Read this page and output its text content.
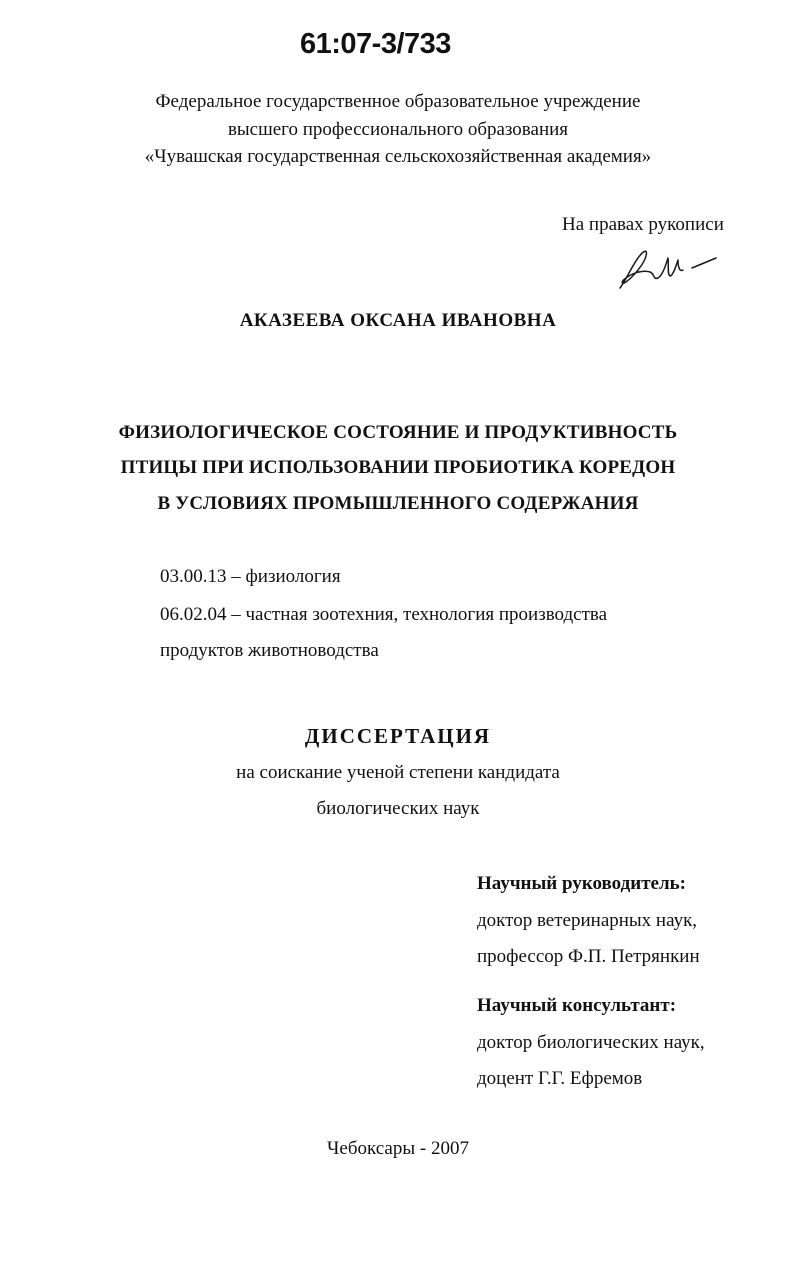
61:07-3/733
Федеральное государственное образовательное учреждение
высшего профессионального образования
«Чувашская государственная сельскохозяйственная академия»
На правах рукописи
АКАЗЕЕВА ОКСАНА ИВАНОВНА
ФИЗИОЛОГИЧЕСКОЕ СОСТОЯНИЕ И ПРОДУКТИВНОСТЬ
ПТИЦЫ ПРИ ИСПОЛЬЗОВАНИИ ПРОБИОТИКА КОРЕДОН
В УСЛОВИЯХ ПРОМЫШЛЕННОГО СОДЕРЖАНИЯ
03.00.13 – физиология
06.02.04 – частная зоотехния, технология производства
продуктов животноводства
ДИССЕРТАЦИЯ
на соискание ученой степени кандидата
биологических наук
Научный руководитель:
доктор ветеринарных наук,
профессор Ф.П. Петрянкин
Научный консультант:
доктор биологических наук,
доцент Г.Г. Ефремов
Чебоксары - 2007
